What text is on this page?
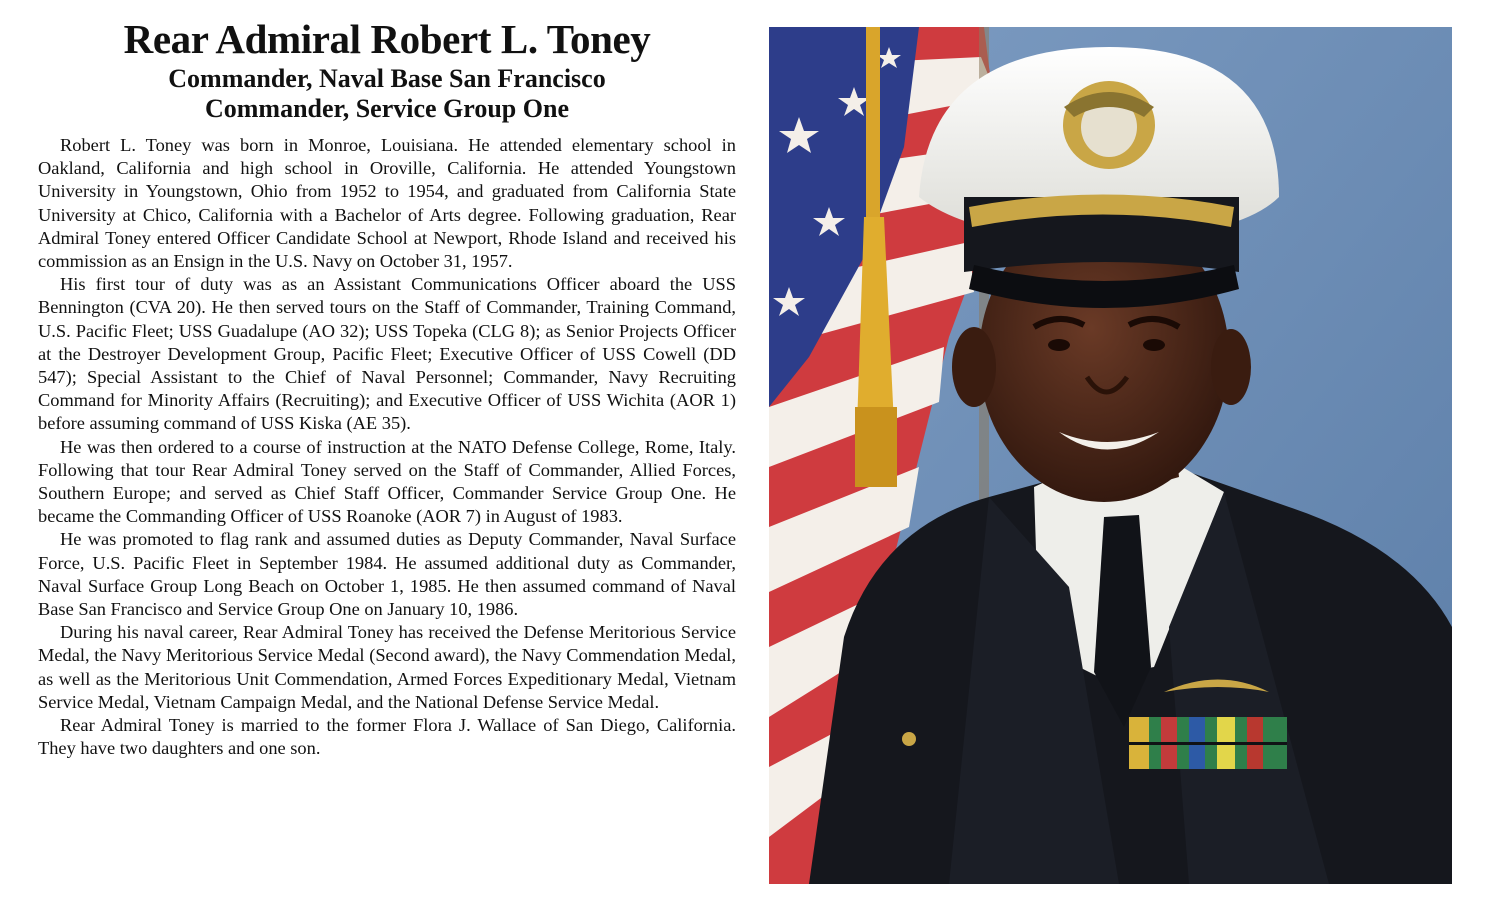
Rear Admiral Robert L. Toney
Commander, Naval Base San Francisco
Commander, Service Group One

Robert L. Toney was born in Monroe, Louisiana. He attended elementary school in Oakland, California and high school in Oroville, California. He attended Youngstown University in Youngstown, Ohio from 1952 to 1954, and graduated from California State University at Chico, California with a Bachelor of Arts degree. Following graduation, Rear Admiral Toney entered Officer Candidate School at Newport, Rhode Island and received his commission as an Ensign in the U.S. Navy on October 31, 1957.

His first tour of duty was as an Assistant Communications Officer aboard the USS Bennington (CVA 20). He then served tours on the Staff of Commander, Training Command, U.S. Pacific Fleet; USS Guadalupe (AO 32); USS Topeka (CLG 8); as Senior Projects Officer at the Destroyer Development Group, Pacific Fleet; Executive Officer of USS Cowell (DD 547); Special Assistant to the Chief of Naval Personnel; Commander, Navy Recruiting Command for Minority Affairs (Recruiting); and Executive Officer of USS Wichita (AOR 1) before assuming command of USS Kiska (AE 35).

He was then ordered to a course of instruction at the NATO Defense College, Rome, Italy. Following that tour Rear Admiral Toney served on the Staff of Commander, Allied Forces, Southern Europe; and served as Chief Staff Officer, Commander Service Group One. He became the Commanding Officer of USS Roanoke (AOR 7) in August of 1983.

He was promoted to flag rank and assumed duties as Deputy Commander, Naval Surface Force, U.S. Pacific Fleet in September 1984. He assumed additional duty as Commander, Naval Surface Group Long Beach on October 1, 1985. He then assumed command of Naval Base San Francisco and Service Group One on January 10, 1986.

During his naval career, Rear Admiral Toney has received the Defense Meritorious Service Medal, the Navy Meritorious Service Medal (Second award), the Navy Commendation Medal, as well as the Meritorious Unit Commendation, Armed Forces Expeditionary Medal, Vietnam Service Medal, Vietnam Campaign Medal, and the National Defense Service Medal.

Rear Admiral Toney is married to the former Flora J. Wallace of San Diego, California. They have two daughters and one son.
